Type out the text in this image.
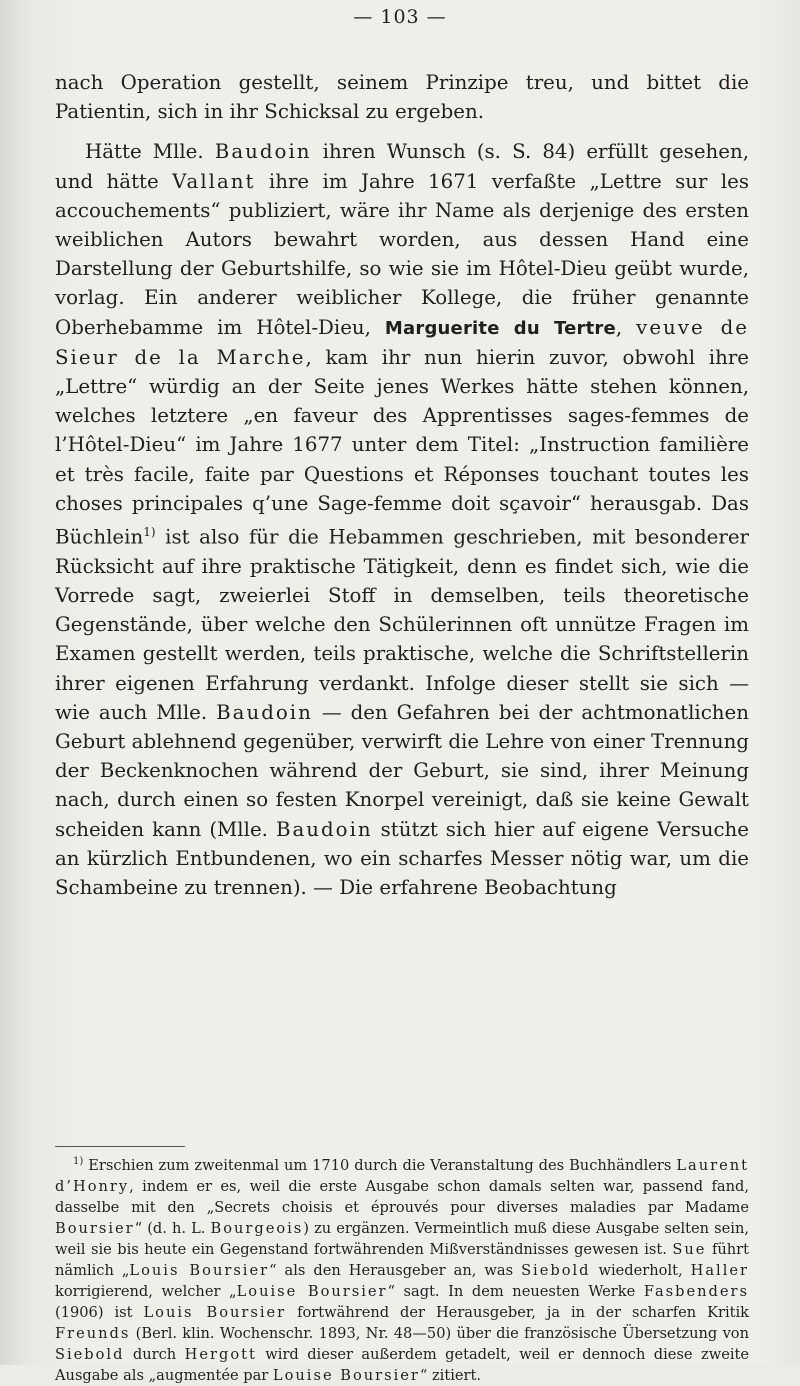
— 103 —

nach Operation gestellt, seinem Prinzipe treu, und bittet die Patientin, sich in ihr Schicksal zu ergeben.

Hätte Mlle. Baudoin ihren Wunsch (s. S. 84) erfüllt gesehen, und hätte Vallant ihre im Jahre 1671 verfaßte „Lettre sur les accouchements“ publiziert, wäre ihr Name als derjenige des ersten weiblichen Autors bewahrt worden, aus dessen Hand eine Darstellung der Geburtshilfe, so wie sie im Hôtel-Dieu geübt wurde, vorlag. Ein anderer weiblicher Kollege, die früher genannte Oberhebamme im Hôtel-Dieu, Marguerite du Tertre, veuve de Sieur de la Marche, kam ihr nun hierin zuvor, obwohl ihre „Lettre“ würdig an der Seite jenes Werkes hätte stehen können, welches letztere „en faveur des Apprentisses sages-femmes de l’Hôtel-Dieu“ im Jahre 1677 unter dem Titel: „Instruction familière et très facile, faite par Questions et Réponses touchant toutes les choses principales q’une Sage-femme doit sçavoir“ herausgab. Das Büchlein$^{1)}$ ist also für die Hebammen geschrieben, mit besonderer Rücksicht auf ihre praktische Tätigkeit, denn es findet sich, wie die Vorrede sagt, zweierlei Stoff in demselben, teils theoretische Gegenstände, über welche den Schülerinnen oft unnütze Fragen im Examen gestellt werden, teils praktische, welche die Schriftstellerin ihrer eigenen Erfahrung verdankt. Infolge dieser stellt sie sich — wie auch Mlle. Baudoin — den Gefahren bei der achtmonatlichen Geburt ablehnend gegenüber, verwirft die Lehre von einer Trennung der Beckenknochen während der Geburt, sie sind, ihrer Meinung nach, durch einen so festen Knorpel vereinigt, daß sie keine Gewalt scheiden kann (Mlle. Baudoin stützt sich hier auf eigene Versuche an kürzlich Entbundenen, wo ein scharfes Messer nötig war, um die Schambeine zu trennen). — Die erfahrene Beobachtung

$^{1)}$ Erschien zum zweitenmal um 1710 durch die Veranstaltung des Buchhändlers Laurent d’Honry, indem er es, weil die erste Ausgabe schon damals selten war, passend fand, dasselbe mit den „Secrets choisis et éprouvés pour diverses maladies par Madame Boursier“ (d. h. L. Bourgeois) zu ergänzen. Vermeintlich muß diese Ausgabe selten sein, weil sie bis heute ein Gegenstand fortwährenden Mißverständnisses gewesen ist. Sue führt nämlich „Louis Boursier“ als den Herausgeber an, was Siebold wiederholt, Haller korrigierend, welcher „Louise Boursier“ sagt. In dem neuesten Werke Fasbenders (1906) ist Louis Boursier fortwährend der Herausgeber, ja in der scharfen Kritik Freunds (Berl. klin. Wochenschr. 1893, Nr. 48—50) über die französische Übersetzung von Siebold durch Hergott wird dieser außerdem getadelt, weil er dennoch diese zweite Ausgabe als „augmentée par Louise Boursier“ zitiert.
